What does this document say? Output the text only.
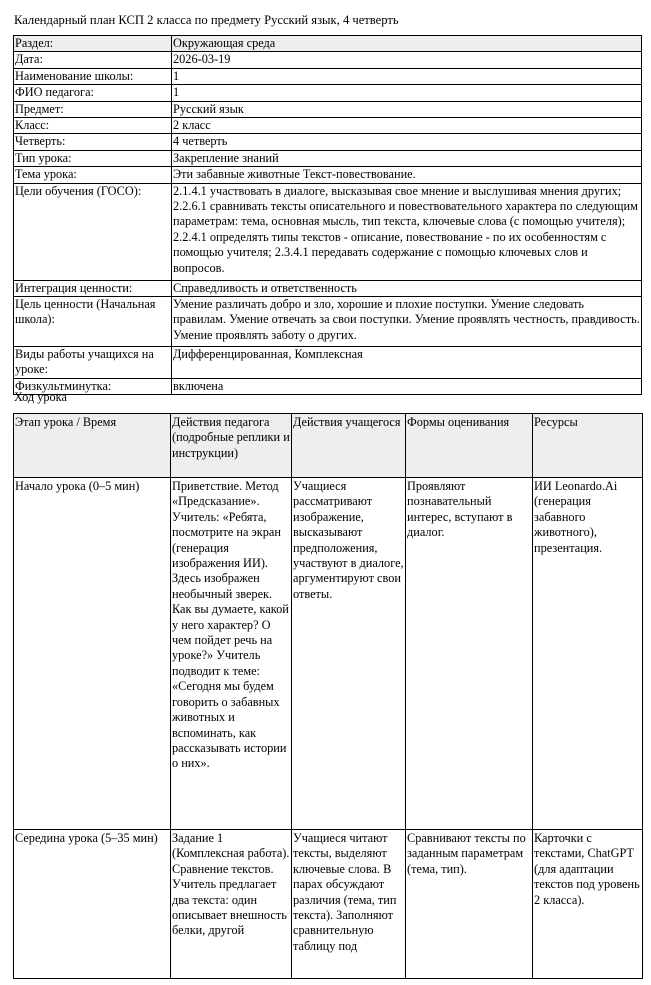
Календарный план КСП 2 класса по предмету Русский язык, 4 четверть
Раздел:	Окружающая среда
Дата:	2026-03-19
Наименование школы:	1
ФИО педагога:	1
Предмет:	Русский язык
Класс:	2 класс
Четверть:	4 четверть
Тип урока:	Закрепление знаний
Тема урока:	Эти забавные животные Текст-повествование.
Цели обучения (ГОСО):	2.1.4.1 участвовать в диалоге, высказывая свое мнение и выслушивая мнения других; 2.2.6.1 сравнивать тексты описательного и повествовательного характера по следующим параметрам: тема, основная мысль, тип текста, ключевые слова (с помощью учителя); 2.2.4.1 определять типы текстов - описание, повествование - по их особенностям с помощью учителя; 2.3.4.1 передавать содержание с помощью ключевых слов и вопросов.
Интеграция ценности:	Справедливость и ответственность
Цель ценности (Начальная школа):	Умение различать добро и зло, хорошие и плохие поступки. Умение следовать правилам. Умение отвечать за свои поступки. Умение проявлять честность, правдивость. Умение проявлять заботу о других.
Виды работы учащихся на уроке:	Дифференцированная, Комплексная
Физкультминутка:	включена
Ход урока
Этап урока / Время	Действия педагога (подробные реплики и инструкции)	Действия учащегося	Формы оценивания	Ресурсы
Начало урока (0–5 мин)	Приветствие. Метод «Предсказание». Учитель: «Ребята, посмотрите на экран (генерация изображения ИИ). Здесь изображен необычный зверек. Как вы думаете, какой у него характер? О чем пойдет речь на уроке?» Учитель подводит к теме: «Сегодня мы будем говорить о забавных животных и вспоминать, как рассказывать истории о них».	Учащиеся рассматривают изображение, высказывают предположения, участвуют в диалоге, аргументируют свои ответы.	Проявляют познавательный интерес, вступают в диалог.	ИИ Leonardo.Ai (генерация забавного животного), презентация.
Середина урока (5–35 мин)	Задание 1 (Комплексная работа). Сравнение текстов. Учитель предлагает два текста: один описывает внешность белки, другой	Учащиеся читают тексты, выделяют ключевые слова. В парах обсуждают различия (тема, тип текста). Заполняют сравнительную таблицу под	Сравнивают тексты по заданным параметрам (тема, тип).	Карточки с текстами, ChatGPT (для адаптации текстов под уровень 2 класса).
